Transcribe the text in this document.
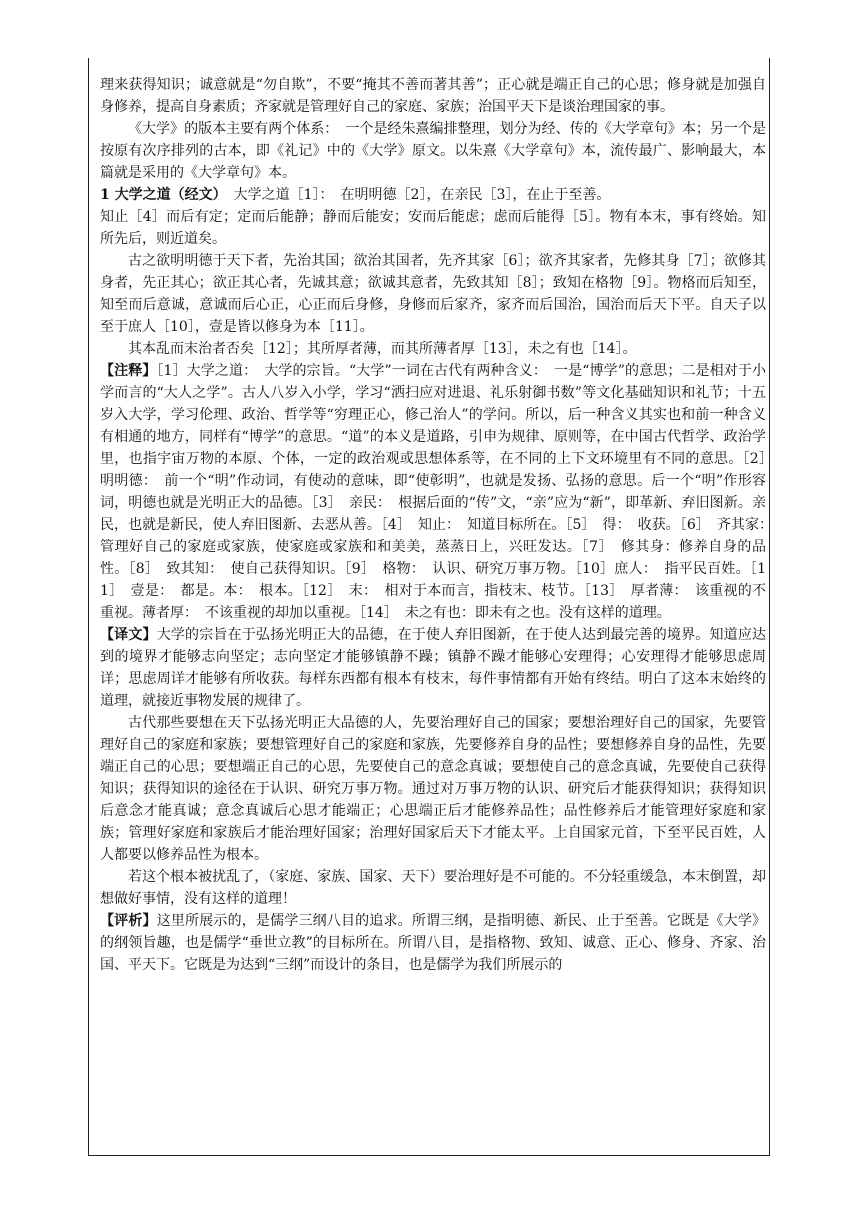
理来获得知识；诚意就是“勿自欺”，不要“掩其不善而著其善”；正心就是端正自己的心思；修身就是加强自身修养，提高自身素质；齐家就是管理好自己的家庭、家族；治国平天下是谈治理国家的事。

《大学》的版本主要有两个体系：　一个是经朱熹编排整理，划分为经、传的《大学章句》本；另一个是按原有次序排列的古本，即《礼记》中的《大学》原文。以朱熹《大学章句》本，流传最广、影响最大，本篇就是采用的《大学章句》本。

1 大学之道（经文）　 大学之道［1］：　在明明德［2］，在亲民［3］，在止于至善。

知止［4］而后有定；定而后能静；静而后能安；安而后能虑；虑而后能得［5］。物有本末，事有终始。知所先后，则近道矣。

古之欲明明德于天下者，先治其国；欲治其国者，先齐其家［6］；欲齐其家者，先修其身［7］；欲修其身者，先正其心；欲正其心者，先诚其意；欲诚其意者，先致其知［8］；致知在格物［9］。物格而后知至，知至而后意诚，意诚而后心正，心正而后身修，身修而后家齐，家齐而后国治，国治而后天下平。自天子以至于庶人［10］，壹是皆以修身为本［11］。

其本乱而末治者否矣［12］；其所厚者薄，而其所薄者厚［13］，未之有也［14］。

【注释】［1］大学之道：　大学的宗旨。“大学”一词在古代有两种含义：　一是“博学”的意思；二是相对于小学而言的“大人之学”。古人八岁入小学，学习“洒扫应对进退、礼乐射御书数”等文化基础知识和礼节；十五岁入大学，学习伦理、政治、哲学等“穷理正心，修己治人”的学问。所以，后一种含义其实也和前一种含义有相通的地方，同样有“博学”的意思。“道”的本义是道路，引申为规律、原则等，在中国古代哲学、政治学里，也指宇宙万物的本原、个体，一定的政治观或思想体系等，在不同的上下文环境里有不同的意思。［2］　明明德：　前一个“明”作动词，有使动的意味，即“使彰明”，也就是发扬、弘扬的意思。后一个“明”作形容词，明德也就是光明正大的品德。［3］　亲民：　根据后面的“传”文，“亲”应为“新”，即革新、弃旧图新。亲民，也就是新民，使人弃旧图新、去恶从善。［4］　知止：　知道目标所在。［5］　得：　收获。［6］　齐其家：　管理好自己的家庭或家族，使家庭或家族和和美美，蒸蒸日上，兴旺发达。［7］　修其身：修养自身的品性。［8］　致其知：　使自己获得知识。［9］　格物：　认识、研究万事万物。［10］庶人：　指平民百姓。［11］　壹是：　都是。本：　根本。［12］　末：　相对于本而言，指枝末、枝节。［13］　厚者薄：　该重视的不重视。薄者厚：　不该重视的却加以重视。［14］　未之有也：即未有之也。没有这样的道理。

【译文】大学的宗旨在于弘扬光明正大的品德，在于使人弃旧图新，在于使人达到最完善的境界。知道应达到的境界才能够志向坚定；志向坚定才能够镇静不躁；镇静不躁才能够心安理得；心安理得才能够思虑周详；思虑周详才能够有所收获。每样东西都有根本有枝末，每件事情都有开始有终结。明白了这本末始终的道理，就接近事物发展的规律了。

古代那些要想在天下弘扬光明正大品德的人，先要治理好自己的国家；要想治理好自己的国家，先要管理好自己的家庭和家族；要想管理好自己的家庭和家族，先要修养自身的品性；要想修养自身的品性，先要端正自己的心思；要想端正自己的心思，先要使自己的意念真诚；要想使自己的意念真诚，先要使自己获得知识；获得知识的途径在于认识、研究万事万物。通过对万事万物的认识、研究后才能获得知识；获得知识后意念才能真诚；意念真诚后心思才能端正；心思端正后才能修养品性；品性修养后才能管理好家庭和家族；管理好家庭和家族后才能治理好国家；治理好国家后天下才能太平。上自国家元首，下至平民百姓，人人都要以修养品性为根本。

若这个根本被扰乱了，（家庭、家族、国家、天下）要治理好是不可能的。不分轻重缓急，本末倒置，却想做好事情，没有这样的道理！

【评析】这里所展示的，是儒学三纲八目的追求。所谓三纲，是指明德、新民、止于至善。它既是《大学》的纲领旨趣，也是儒学“垂世立教”的目标所在。所谓八目，是指格物、致知、诚意、正心、修身、齐家、治国、平天下。它既是为达到“三纲”而设计的条目，也是儒学为我们所展示的
